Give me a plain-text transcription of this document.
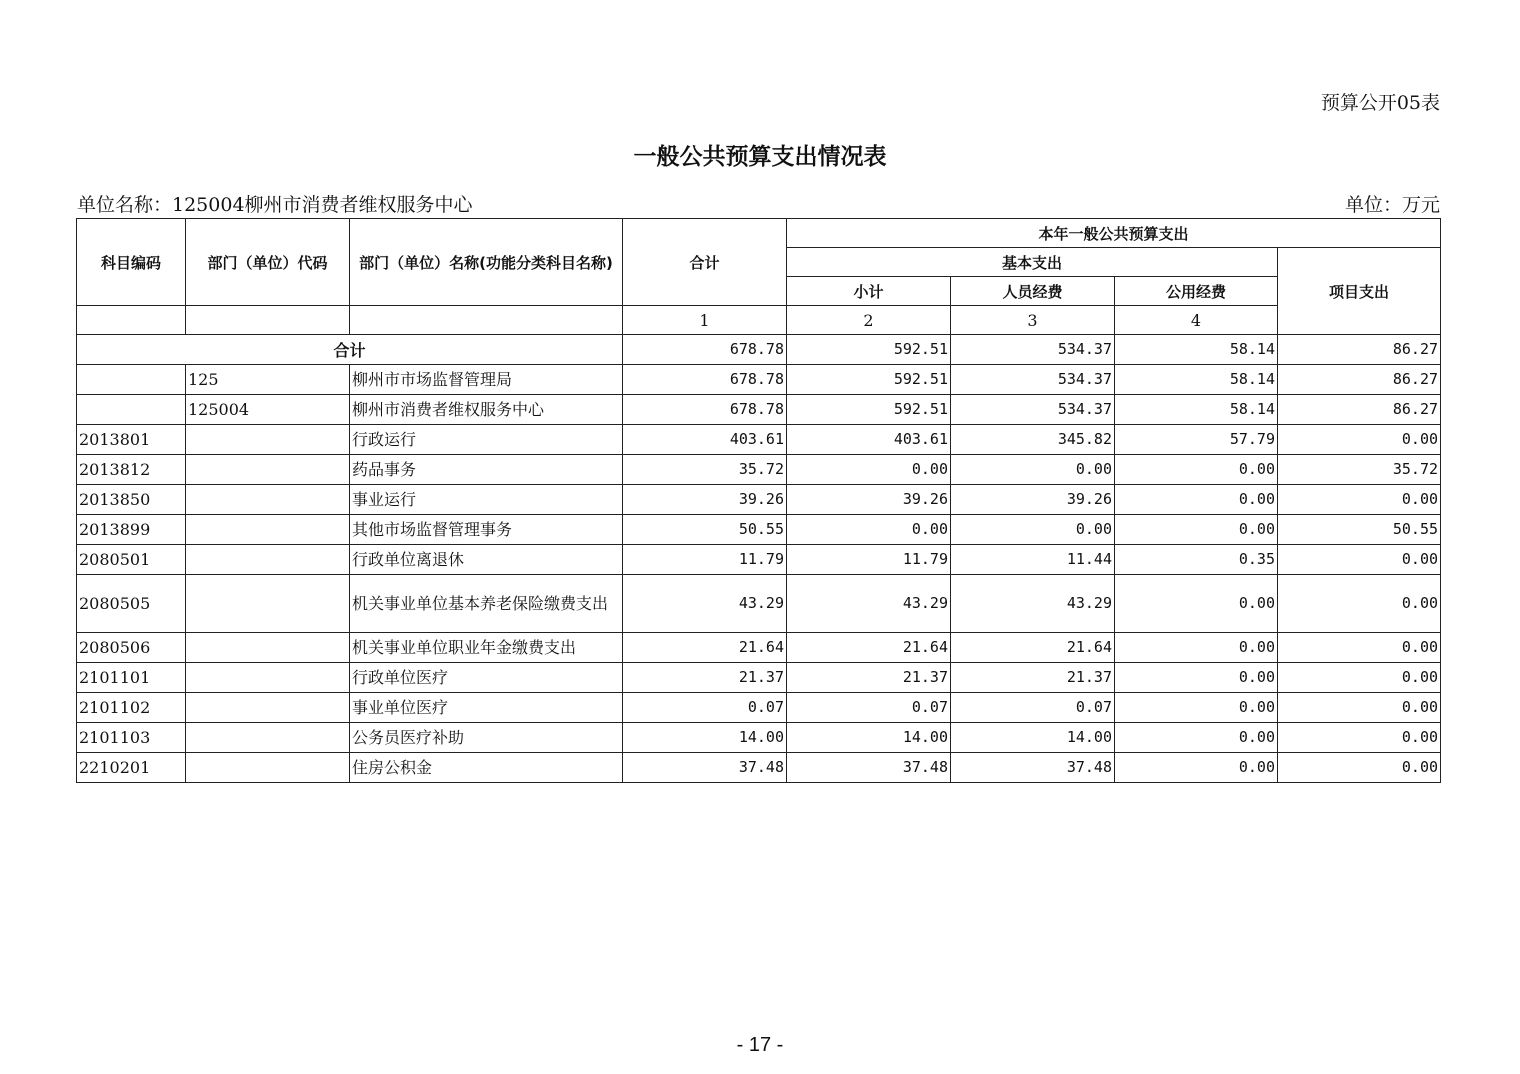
预算公开05表
一般公共预算支出情况表
单位名称：125004柳州市消费者维权服务中心	单位：万元
科目编码	部门（单位）代码	部门（单位）名称(功能分类科目名称)	合计	本年一般公共预算支出			
				基本支出			项目支出
				小计	人员经费	公用经费	
			1	2	3	4	
合计			678.78	592.51	534.37	58.14	86.27
	125	柳州市市场监督管理局	678.78	592.51	534.37	58.14	86.27
	125004	柳州市消费者维权服务中心	678.78	592.51	534.37	58.14	86.27
2013801		行政运行	403.61	403.61	345.82	57.79	0.00
2013812		药品事务	35.72	0.00	0.00	0.00	35.72
2013850		事业运行	39.26	39.26	39.26	0.00	0.00
2013899		其他市场监督管理事务	50.55	0.00	0.00	0.00	50.55
2080501		行政单位离退休	11.79	11.79	11.44	0.35	0.00
2080505		机关事业单位基本养老保险缴费支出	43.29	43.29	43.29	0.00	0.00
2080506		机关事业单位职业年金缴费支出	21.64	21.64	21.64	0.00	0.00
2101101		行政单位医疗	21.37	21.37	21.37	0.00	0.00
2101102		事业单位医疗	0.07	0.07	0.07	0.00	0.00
2101103		公务员医疗补助	14.00	14.00	14.00	0.00	0.00
2210201		住房公积金	37.48	37.48	37.48	0.00	0.00
- 17 -
